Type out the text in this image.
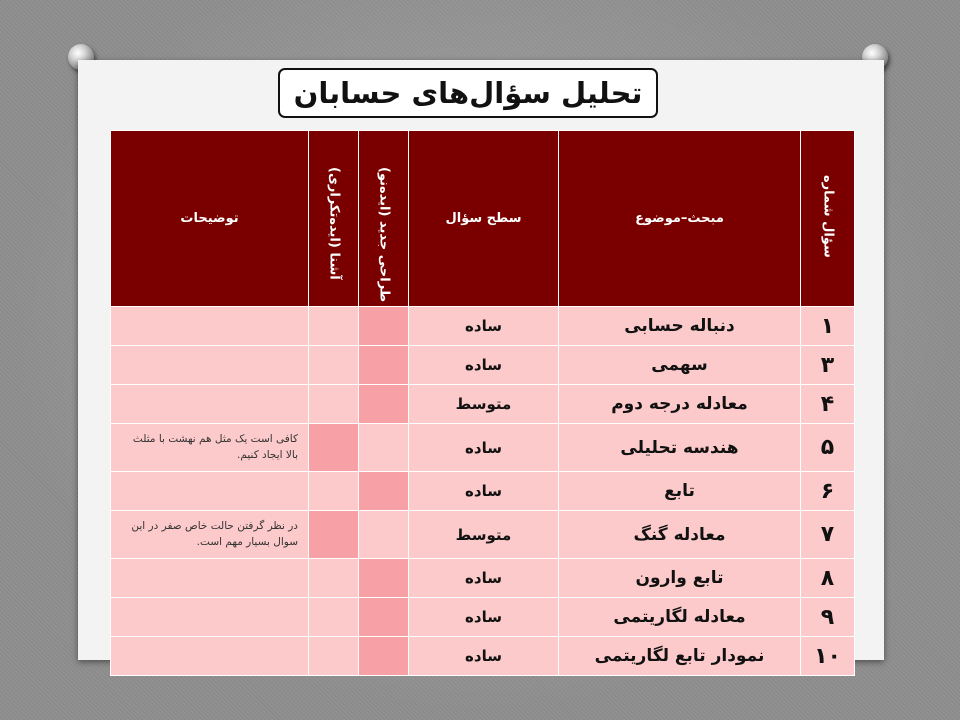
تحلیل سؤال‌های حسابان
سؤال شماره	مبحث–موضوع	سطح سؤال	طراحی جدید (ایده‌نو)	آشنا (ایده‌تکراری)	توضیحات
۱	دنباله حسابی	ساده			
۳	سهمی	ساده			
۴	معادله درجه دوم	متوسط			
۵	هندسه تحلیلی	ساده			کافی است یک مثل هم نهشت با مثلث بالا ایجاد کنیم.
۶	تابع	ساده			
۷	معادله گنگ	متوسط			در نظر گرفتن حالت خاص صفر در این سوال بسیار مهم است.
۸	تابع وارون	ساده			
۹	معادله لگاریتمی	ساده			
۱۰	نمودار تابع لگاریتمی	ساده			
